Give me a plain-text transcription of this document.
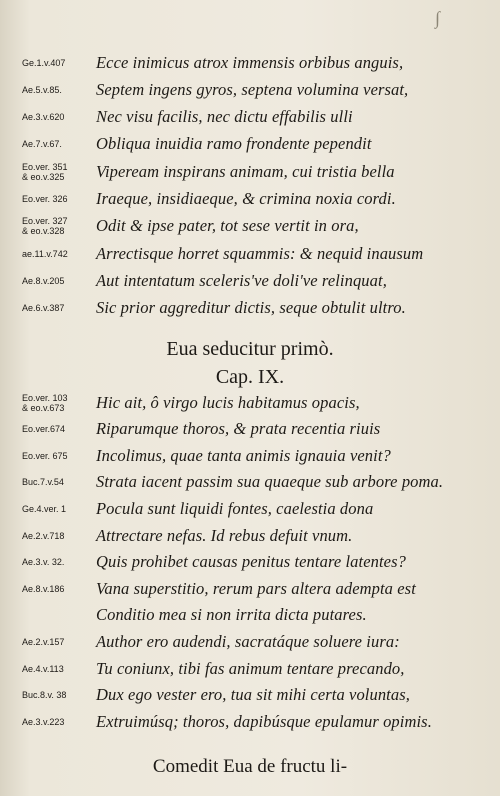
∫
Ge.1.v.407	Ecce inimicus atrox immensis orbibus anguis,
Ae.5.v.85.	Septem ingens gyros, septena volumina versat,
Ae.3.v.620	Nec visu facilis, nec dictu effabilis ulli
Ae.7.v.67.	Obliqua inuidia ramo frondente pependit
Eo.ver. 351
& eo.v.325	Vipeream inspirans animam, cui tristia bella
Eo.ver. 326	Iraeque, insidiaeque, & crimina noxia cordi.
Eo.ver. 327
& eo.v.328	Odit & ipse pater, tot sese vertit in ora,
ae.11.v.742	Arrectisque horret squammis: & nequid inausum
Ae.8.v.205	Aut intentatum sceleris've doli've relinquat,
Ae.6.v.387	Sic prior aggreditur dictis, seque obtulit ultro.
Eua seducitur primò.
Cap. IX.
Eo.ver. 103
& eo.v.673	Hic ait, ô virgo lucis habitamus opacis,
Eo.ver.674	Riparumque thoros, & prata recentia riuis
Eo.ver. 675	Incolimus, quae tanta animis ignauia venit?
Buc.7.v.54	Strata iacent passim sua quaeque sub arbore poma.
Ge.4.ver. 1	Pocula sunt liquidi fontes, caelestia dona
Ae.2.v.718	Attrectare nefas. Id rebus defuit vnum.
Ae.3.v. 32.	Quis prohibet causas penitus tentare latentes?
Ae.8.v.186	Vana superstitio, rerum pars altera adempta est
Conditio mea si non irrita dicta putares.
Ae.2.v.157	Author ero audendi, sacratáque soluere iura:
Ae.4.v.113	Tu coniunx, tibi fas animum tentare precando,
Buc.8.v. 38	Dux ego vester ero, tua sit mihi certa voluntas,
Ae.3.v.223	Extruimúsq; thoros, dapibúsque epulamur opimis.
Comedit Eua de fructu li-
